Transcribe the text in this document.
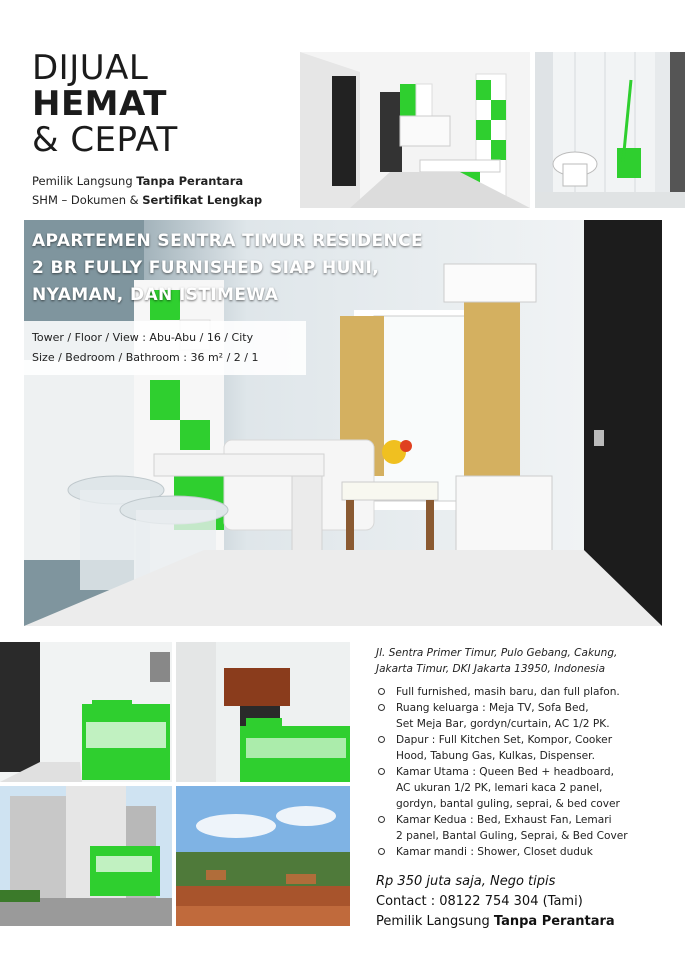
DIJUAL
HEMAT
& CEPAT
Pemilik Langsung Tanpa Perantara
SHM – Dokumen & Sertifikat Lengkap
APARTEMEN SENTRA TIMUR RESIDENCE
2 BR FULLY FURNISHED SIAP HUNI,
NYAMAN, DAN ISTIMEWA
Tower / Floor / View : Abu-Abu / 16 / City
Size / Bedroom / Bathroom : 36 m² / 2 / 1
Jl. Sentra Primer Timur, Pulo Gebang, Cakung,
Jakarta Timur, DKI Jakarta 13950, Indonesia
Full furnished, masih baru, dan full plafon.
Ruang keluarga : Meja TV, Sofa Bed,
Set Meja Bar, gordyn/curtain, AC 1/2 PK.
Dapur : Full Kitchen Set, Kompor, Cooker
Hood, Tabung Gas, Kulkas, Dispenser.
Kamar Utama : Queen Bed + headboard,
AC ukuran 1/2 PK, lemari kaca 2 panel,
gordyn, bantal guling, seprai, & bed cover
Kamar Kedua : Bed, Exhaust Fan, Lemari
2 panel, Bantal Guling, Seprai, & Bed Cover
Kamar mandi : Shower, Closet duduk
Rp 350 juta saja, Nego tipis
Contact : 08122 754 304 (Tami)
Pemilik Langsung Tanpa Perantara
